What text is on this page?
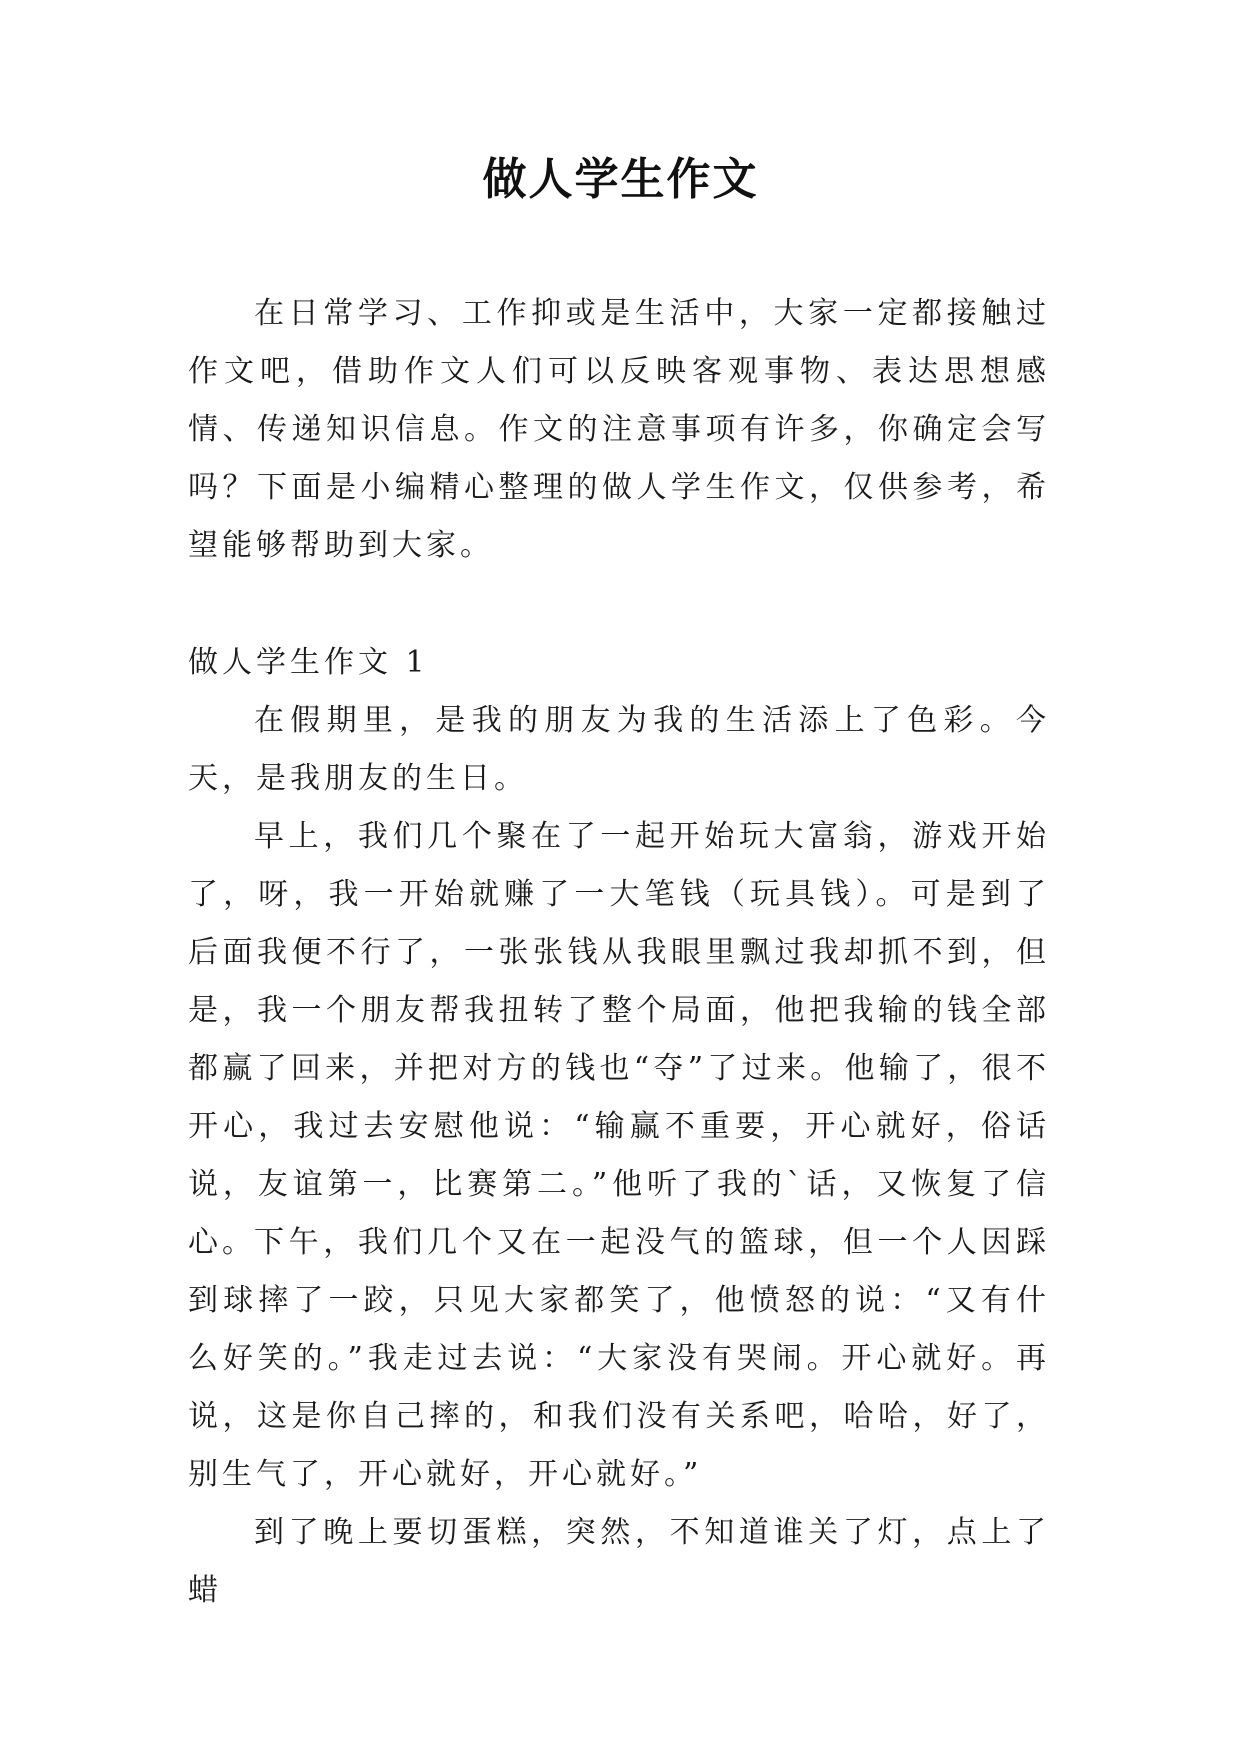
做人学生作文

在日常学习、工作抑或是生活中，大家一定都接触过作文吧，借助作文人们可以反映客观事物、表达思想感情、传递知识信息。作文的注意事项有许多，你确定会写吗？下面是小编精心整理的做人学生作文，仅供参考，希望能够帮助到大家。

做人学生作文 1

在假期里，是我的朋友为我的生活添上了色彩。今天，是我朋友的生日。

早上，我们几个聚在了一起开始玩大富翁，游戏开始了，呀，我一开始就赚了一大笔钱（玩具钱）。可是到了后面我便不行了，一张张钱从我眼里飘过我却抓不到，但是，我一个朋友帮我扭转了整个局面，他把我输的钱全部都赢了回来，并把对方的钱也“夺”了过来。他输了，很不开心，我过去安慰他说：“输赢不重要，开心就好，俗话说，友谊第一，比赛第二。”他听了我的`话，又恢复了信心。

下午，我们几个又在一起没气的篮球，但一个人因踩到球摔了一跤，只见大家都笑了，他愤怒的说：“又有什么好笑的。”我走过去说：“大家没有哭闹。开心就好。再说，这是你自己摔的，和我们没有关系吧，哈哈，好了，别生气了，开心就好，开心就好。”

到了晚上要切蛋糕，突然，不知道谁关了灯，点上了蜡
